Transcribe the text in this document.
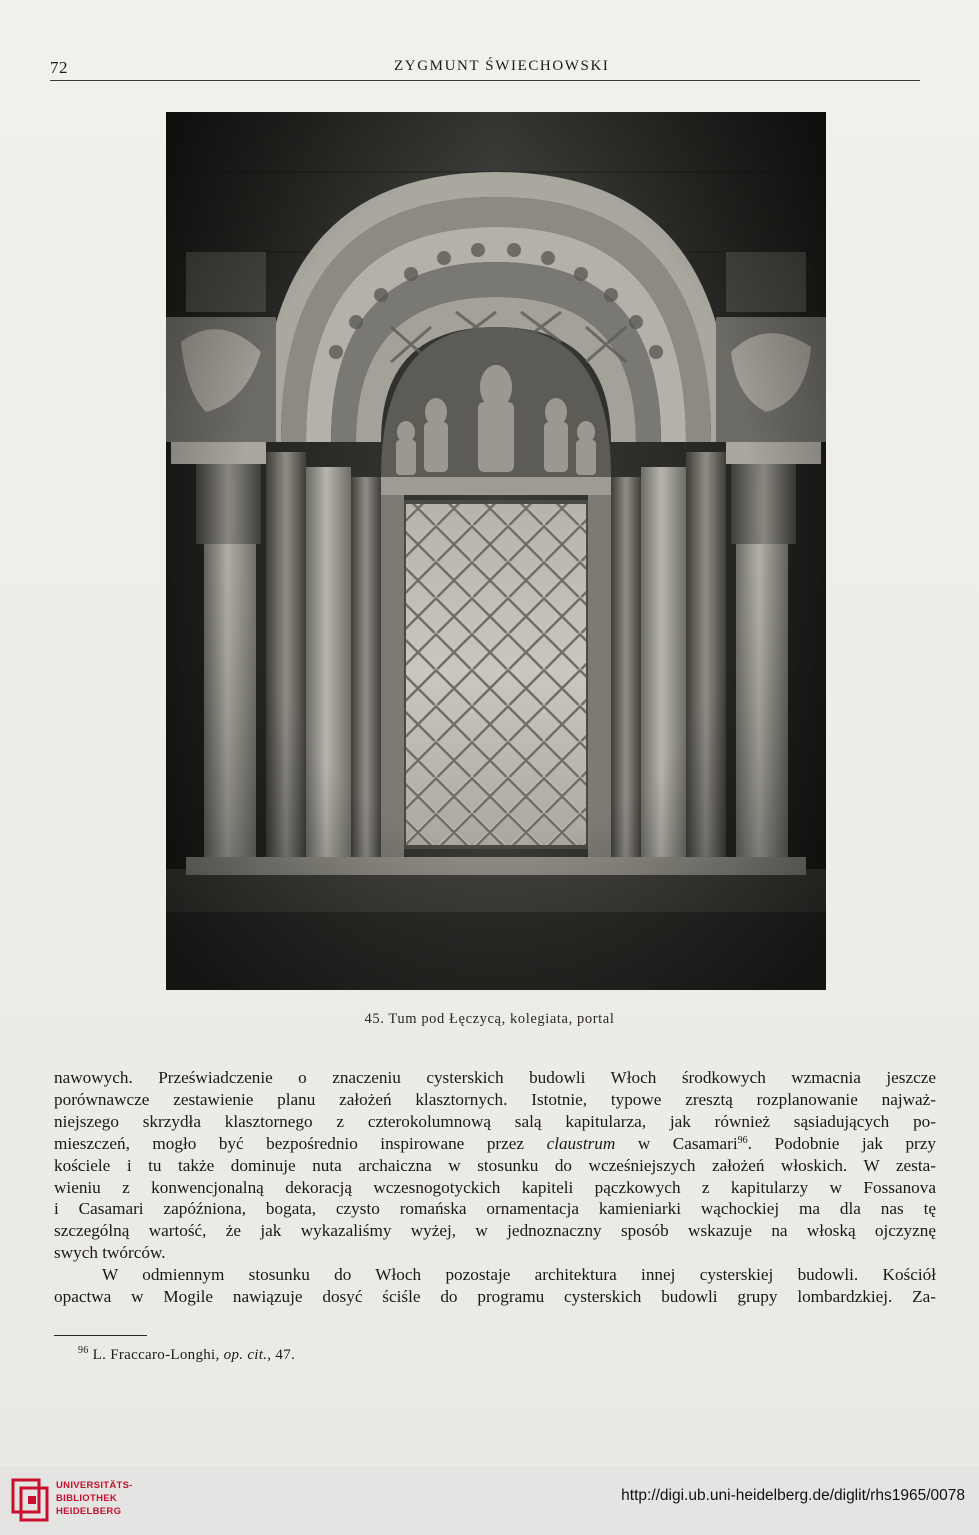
72	ZYGMUNT ŚWIECHOWSKI
45. Tum pod Łęczycą, kolegiata, portal

nawowych. Przeświadczenie o znaczeniu cysterskich budowli Włoch środkowych wzmacnia jeszcze
porównawcze zestawienie planu założeń klasztornych. Istotnie, typowe zresztą rozplanowanie najważ-
niejszego skrzydła klasztornego z czterokolumnową salą kapitularza, jak również sąsiadujących po-
mieszczeń, mogło być bezpośrednio inspirowane przez claustrum w Casamari$^{96}$. Podobnie jak przy
kościele i tu także dominuje nuta archaiczna w stosunku do wcześniejszych założeń włoskich. W zesta-
wieniu z konwencjonalną dekoracją wczesnogotyckich kapiteli pączkowych z kapitularzy w Fossanova
i Casamari zapóźniona, bogata, czysto romańska ornamentacja kamieniarki wąchockiej ma dla nas tę
szczególną wartość, że jak wykazaliśmy wyżej, w jednoznaczny sposób wskazuje na włoską ojczyznę
swych twórców.

W odmiennym stosunku do Włoch pozostaje architektura innej cysterskiej budowli. Kościół
opactwa w Mogile nawiązuje dosyć ściśle do programu cysterskich budowli grupy lombardzkiej. Za-

$^{96}$ L. Fraccaro-Longhi, op. cit., 47.
UNIVERSITÄTS-
BIBLIOTHEK
HEIDELBERG
http://digi.ub.uni-heidelberg.de/diglit/rhs1965/0078
